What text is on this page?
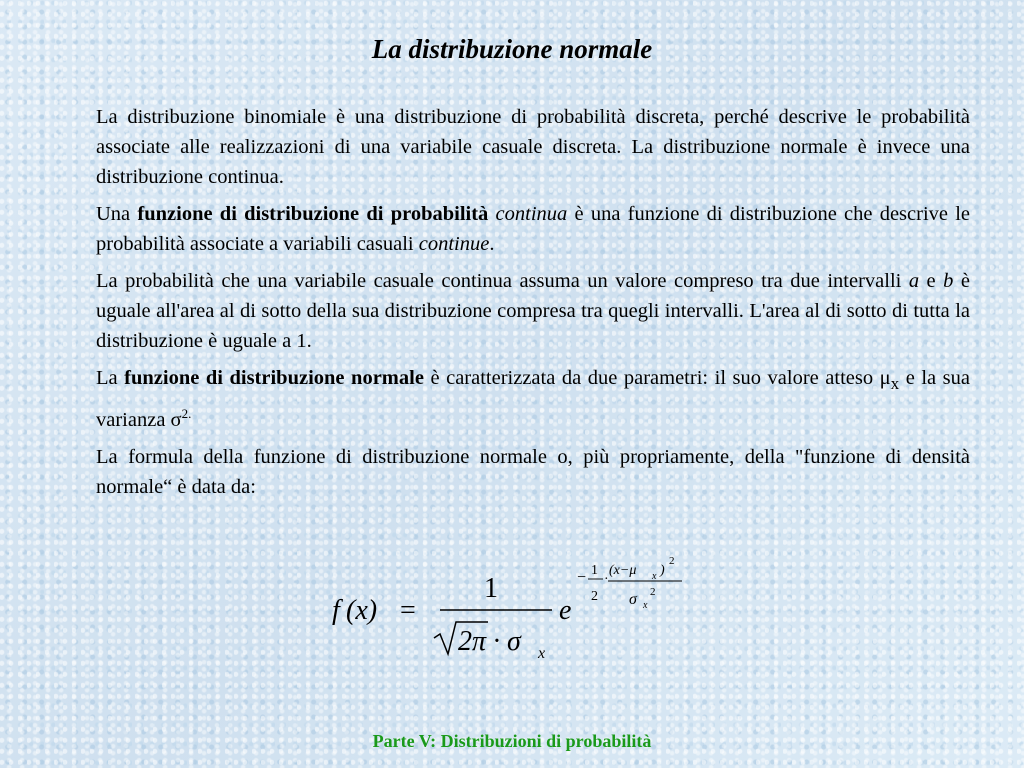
La distribuzione normale

La distribuzione binomiale è una distribuzione di probabilità discreta, perché descrive le probabilità associate alle realizzazioni di una variabile casuale discreta. La distribuzione normale è invece una distribuzione continua.

Una funzione di distribuzione di probabilità continua è una funzione di distribuzione che descrive le probabilità associate a variabili casuali continue.

La probabilità che una variabile casuale continua assuma un valore compreso tra due intervalli a e b è uguale all'area al di sotto della sua distribuzione compresa tra quegli intervalli. L'area al di sotto di tutta la distribuzione è uguale a 1.

La funzione di distribuzione normale è caratterizzata da due parametri: il suo valore atteso $\mu_x$ e la sua varianza $\sigma^{2.}$

La formula della funzione di distribuzione normale o, più propriamente, della "funzione di densità normale“ è data da:

f (x) =
1
2π · σ x
e
− 1
2
·
(x−μ x )
2
σ x
2
Parte V: Distribuzioni di probabilità
